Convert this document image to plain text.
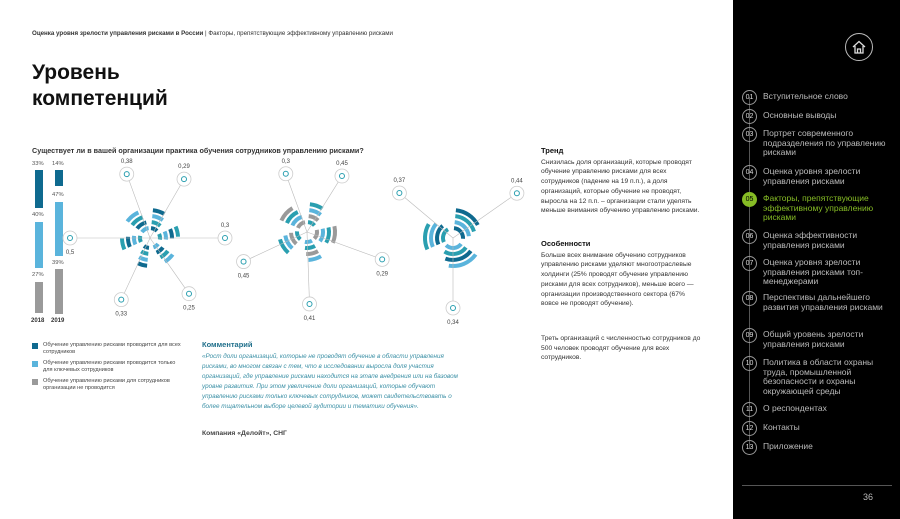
Оценка уровня зрелости управления рисками в России | Факторы, препятствующие эффективному управлению рисками
Уровень компетенций
Существует ли в вашей организации практика обучения сотрудников управлению рисками?
33%
40%
27%
2018
14%
47%
39%
2019
Обучение управлению рисками проводится для всех сотрудников
Обучение управлению рисками проводится только для ключевых сотрудников
Обучение управлению рисками для сотрудников организации не проводится
0,38
0,29
0,3
0,25
0,33
0,5
0,3	0,45
0,29
0,41
0,45
0,37	0,44
0,34
Комментарий
«Рост доли организаций, которые не проводят обучение в области управления рисками, во многом связан с тем, что в исследовании выросла доля участия организаций, где управление рисками находится на этапе внедрения или на базовом уровне развития. При этом увеличение доли организаций, которые обучают управлению рисками только ключевых сотрудников, может свидетельствовать о более тщательном выборе целевой аудитории и тематики обучения».
Компания «Делойт», СНГ
Тренд

Снизилась доля организаций, которые проводят обучение управлению рисками для всех сотрудников (падение на 19 п.п.), а доля организаций, которые обучение не проводят, выросла на 12 п.п. – организации стали уделять меньше внимания обучению управлению рисками.

Особенности

Больше всех внимание обучению сотрудников управлению рисками уделяют многоотраслевые холдинги (25% проводят обучение управлению рисками для всех сотрудников), меньше всего — организации производственного сектора (67% вовсе не проводят обучение).

Треть организаций с численностью сотрудников до 500 человек проводят обучение для всех сотрудников.

01	Вступительное слово
02	Основные выводы
03	Портрет современного подразделения по управлению рисками
04	Оценка уровня зрелости управления рисками
05	Факторы, препятствующие эффективному управлению рисками
06	Оценка эффективности управления рисками
07	Оценка уровня зрелости управления рисками топ-менеджерами
08	Перспективы дальнейшего развития управления рисками
09	Общий уровень зрелости управления рисками
10	Политика в области охраны труда, промышленной безопасности и охраны окружающей среды
11	О респондентах
12	Контакты
13	Приложение
36
